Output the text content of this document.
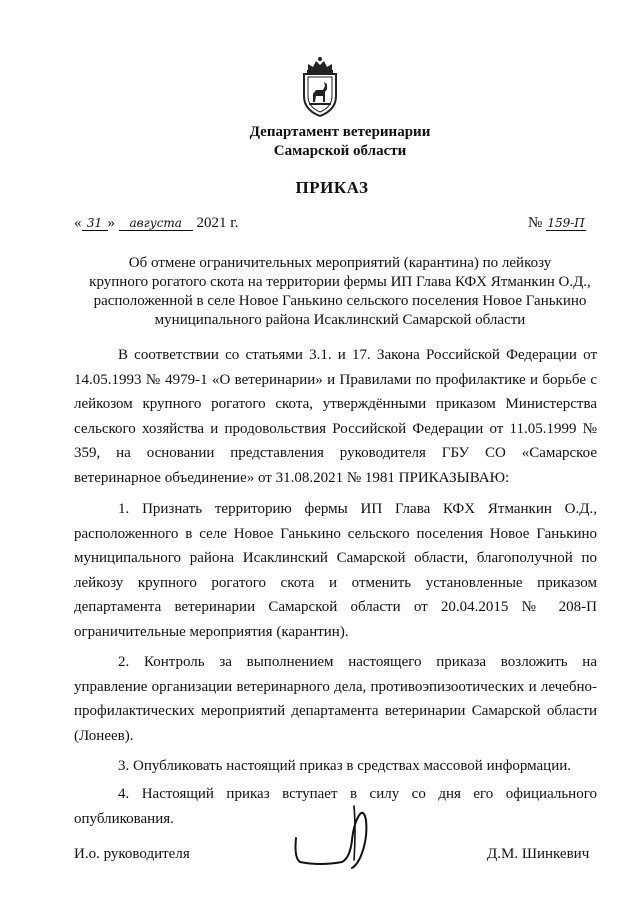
Департамент ветеринарии
Самарской области
ПРИКАЗ
« 31 » августа 2021 г.	№ 159-П
Об отмене ограничительных мероприятий (карантина) по лейкозу
крупного рогатого скота на территории фермы ИП Глава КФХ Ятманкин О.Д.,
расположенной в селе Новое Ганькино сельского поселения Новое Ганькино
муниципального района Исаклинский Самарской области
В соответствии со статьями 3.1. и 17. Закона Российской Федерации от 14.05.1993 № 4979-1 «О ветеринарии» и Правилами по профилактике и борьбе с лейкозом крупного рогатого скота, утверждёнными приказом Министерства сельского хозяйства и продовольствия Российской Федерации от 11.05.1999 № 359, на основании представления руководителя ГБУ СО «Самарское ветеринарное объединение» от 31.08.2021 № 1981 ПРИКАЗЫВАЮ:
1. Признать территорию фермы ИП Глава КФХ Ятманкин О.Д., расположенного в селе Новое Ганькино сельского поселения Новое Ганькино муниципального района Исаклинский Самарской области, благополучной по лейкозу крупного рогатого скота и отменить установленные приказом департамента ветеринарии Самарской области от 20.04.2015 № 208-П ограничительные мероприятия (карантин).
2. Контроль за выполнением настоящего приказа возложить на управление организации ветеринарного дела, противоэпизоотических и лечебно-профилактических мероприятий департамента ветеринарии Самарской области (Лонеев).
3. Опубликовать настоящий приказ в средствах массовой информации.
4. Настоящий приказ вступает в силу со дня его официального опубликования.
И.о. руководителя	Д.М. Шинкевич
